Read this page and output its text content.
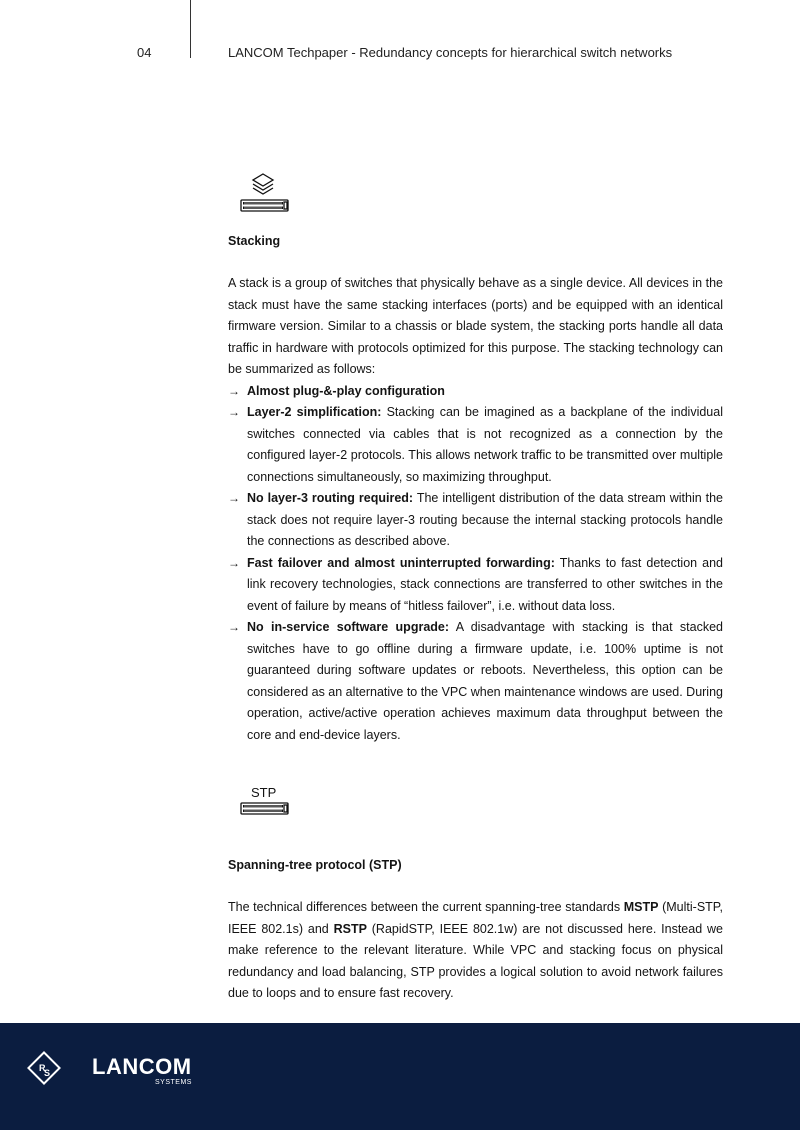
04	LANCOM Techpaper - Redundancy concepts for hierarchical switch networks
Stacking

A stack is a group of switches that physically behave as a single device. All devices in the stack must have the same stacking interfaces (ports) and be equipped with an identical firmware version. Similar to a chassis or blade system, the stacking ports handle all data traffic in hardware with protocols optimized for this purpose. The stacking technology can be summarized as follows:

→ Almost plug-&-play configuration
→ Layer-2 simplification: Stacking can be imagined as a backplane of the individual switches connected via cables that is not recognized as a connection by the configured layer-2 protocols. This allows network traffic to be transmitted over multiple connections simultaneously, so maximizing throughput.
→ No layer-3 routing required: The intelligent distribution of the data stream within the stack does not require layer-3 routing because the internal stacking protocols handle the connections as described above.
→ Fast failover and almost uninterrupted forwarding: Thanks to fast detection and link recovery technologies, stack connections are transferred to other switches in the event of failure by means of “hitless failover”, i.e. without data loss.
→ No in-service software upgrade: A disadvantage with stacking is that stacked switches have to go offline during a firmware update, i.e. 100% uptime is not guaranteed during software updates or reboots. Nevertheless, this option can be considered as an alternative to the VPC when maintenance windows are used. During operation, active/active operation achieves maximum data throughput between the core and end-device layers.
STP
Spanning-tree protocol (STP)

The technical differences between the current spanning-tree standards MSTP (Multi-STP, IEEE 802.1s) and RSTP (RapidSTP, IEEE 802.1w) are not discussed here. Instead we make reference to the relevant literature. While VPC and stacking focus on physical redundancy and load balancing, STP provides a logical solution to avoid network failures due to loops and to ensure fast recovery.

R
S LANCOM
SYSTEMS
